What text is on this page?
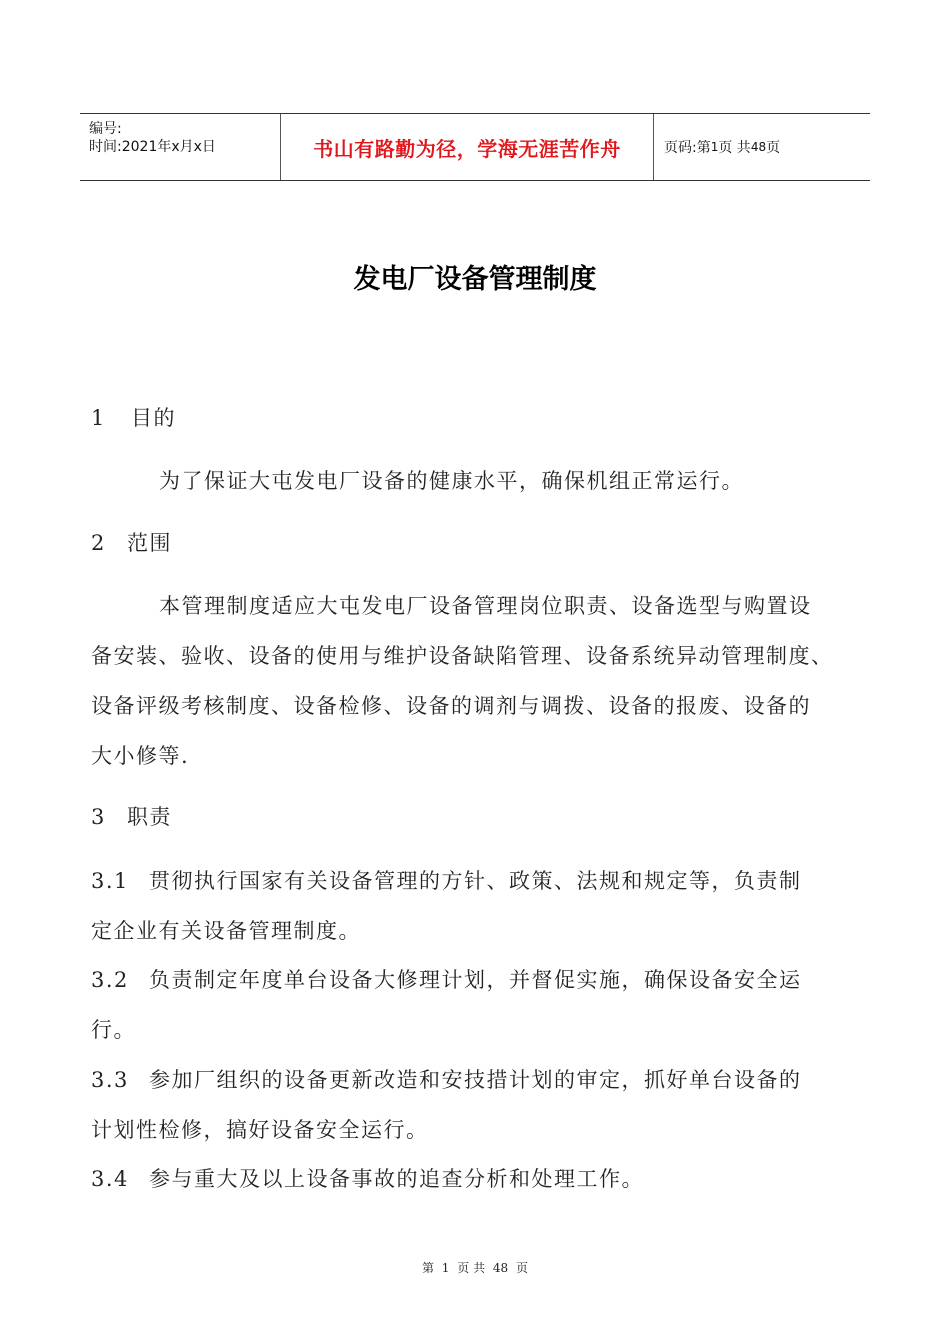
编号:
时间:2021年x月x日	书山有路勤为径，学海无涯苦作舟	页码: 第 1 页 共 48 页
发电厂设备管理制度
1 目的
为了保证大屯发电厂设备的健康水平，确保机组正常运行。
2 范围
本管理制度适应大屯发电厂设备管理岗位职责、设备选型与购置设
备安装、验收、设备的使用与维护设备缺陷管理、设备系统异动管理制度、
设备评级考核制度、设备检修、设备的调剂与调拨、设备的报废、设备的
大小修等.
3 职责
3.1 贯彻执行国家有关设备管理的方针、政策、法规和规定等，负责制
定企业有关设备管理制度。
3.2 负责制定年度单台设备大修理计划，并督促实施，确保设备安全运
行。
3.3 参加厂组织的设备更新改造和安技措计划的审定，抓好单台设备的
计划性检修，搞好设备安全运行。
3.4 参与重大及以上设备事故的追查分析和处理工作。
第 1 页 共 48 页
